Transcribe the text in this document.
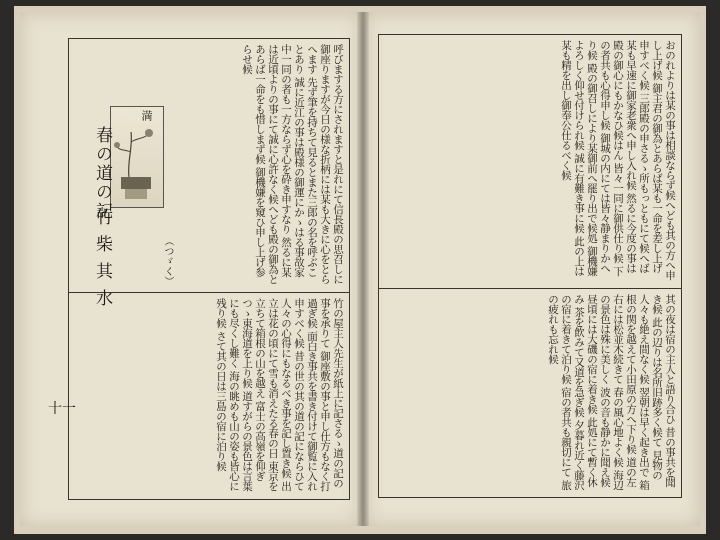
呼びまする方にされますと是れにて信長殿の思召しに御座りますが今日の様な折柄には某も大きに心をとらへます 先ず筆を持ちて見るとまた三郎の名を呼ぶことあり 誠に近江の事は殿様の御運にかゝはる事故家中一同の者も一方ならず心を砕き申すなり 然るに某は近頃よりの事にて誠に心許なく候へども殿の御為とあらば一命をも惜しまず候 御機嫌を窺ひ申し上げ参らせ候

満
春の道の記
竹柴其水	（つゞく）

竹の屋主人先生が紙上に記さるゝ道の記の事を承りて 御座敷の事と申し仕方もなく打過ぎ候 面白き事共を書き付けて御覧に入れ申すべく候 昔の世の其の道の記にならひて 人々の心得にもなるべき事を記し置き候 出立は花の頃にて雪も消えたる春の日 東京を立ちて箱根の山を越え 富士の高嶺を仰ぎつゝ東海道を上り候 道すがらの景色は言葉にも尽くし難く 海の眺めも山の姿も皆心に残り候 さて其の日は三島の宿に泊り候

十一

おのれよりは某の事は相談ならず候へども其の方へ申し上げ候 御主君の御為とあらば某も一命を差し上げ申すべく候 三郎殿の申さるゝ所もっともにて候へば 某も早速に御家老衆へ申し入れ候 然るに今度の事は殿の御心にもかなひ候はん 皆々一同に御供仕り候 下の者共も心得申し候 御城の内にては皆々静まりかへり候 殿の御召しにより某御前へ罷り出で候処 御機嫌よろしく仰せ付けられ候 誠に有難き事に候 此の上は某も精を出し御奉公仕るべく候

其の夜は宿の主人と語り合ひ 昔の事共を聞き候 此の辺りは名所旧跡多く候て 見物の人々も絶え間なく候 翌朝は早く起き出で 箱根の関を越えて小田原の方へ下り候 道の左右には松並木続きて 春の風心地よく候 海辺の景色は殊に美しく 波の音も静かに聞え候 昼頃には大磯の宿に着き候 此処にて暫く休み 茶を飲みて又道を急ぎ候 夕暮れ近く藤沢の宿に着きて泊り候 宿の者共も親切にて 旅の疲れも忘れ候
